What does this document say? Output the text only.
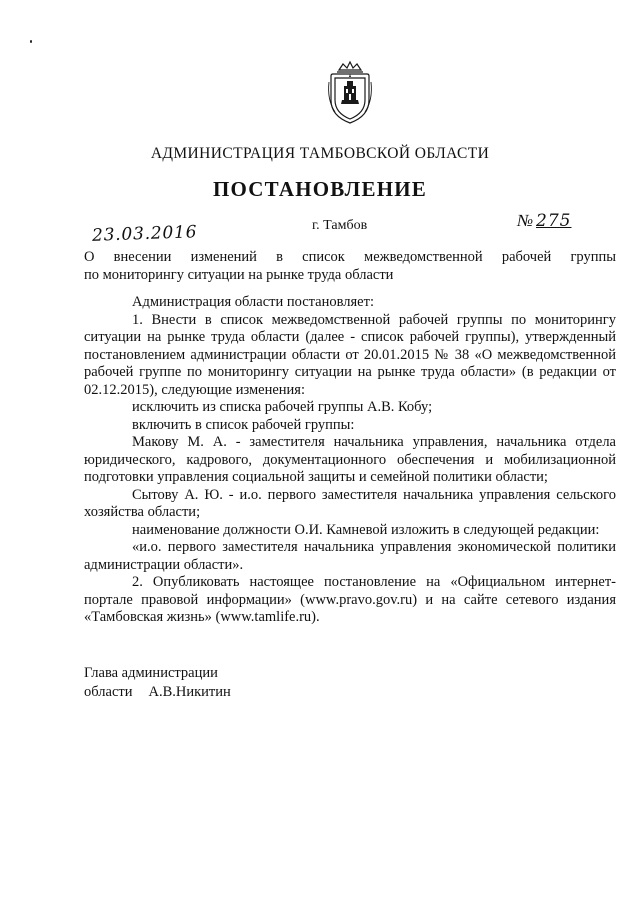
АДМИНИСТРАЦИЯ ТАМБОВСКОЙ ОБЛАСТИ
ПОСТАНОВЛЕНИЕ
23.03.2016	г. Тамбов	№ 275
О внесении изменений в список межведомственной рабочей группы
по мониторингу ситуации на рынке труда области

Администрация области постановляет:

1. Внести в список межведомственной рабочей группы по мониторингу ситуации на рынке труда области (далее - список рабочей группы), утвержденный постановлением администрации области от 20.01.2015 № 38 «О межведомственной рабочей группе по мониторингу ситуации на рынке труда области» (в редакции от 02.12.2015), следующие изменения:

исключить из списка рабочей группы А.В. Кобу;

включить в список рабочей группы:

Макову М. А. - заместителя начальника управления, начальника отдела юридического, кадрового, документационного обеспечения и мобилизационной подготовки управления социальной защиты и семейной политики области;

Сытову А. Ю. - и.о. первого заместителя начальника управления сельского хозяйства области;

наименование должности О.И. Камневой изложить в следующей редакции:

«и.о. первого заместителя начальника управления экономической политики администрации области».

2. Опубликовать настоящее постановление на «Официальном интернет-портале правовой информации» (www.pravo.gov.ru) и на сайте сетевого издания «Тамбовская жизнь» (www.tamlife.ru).

Глава администрации
области А.В.Никитин
